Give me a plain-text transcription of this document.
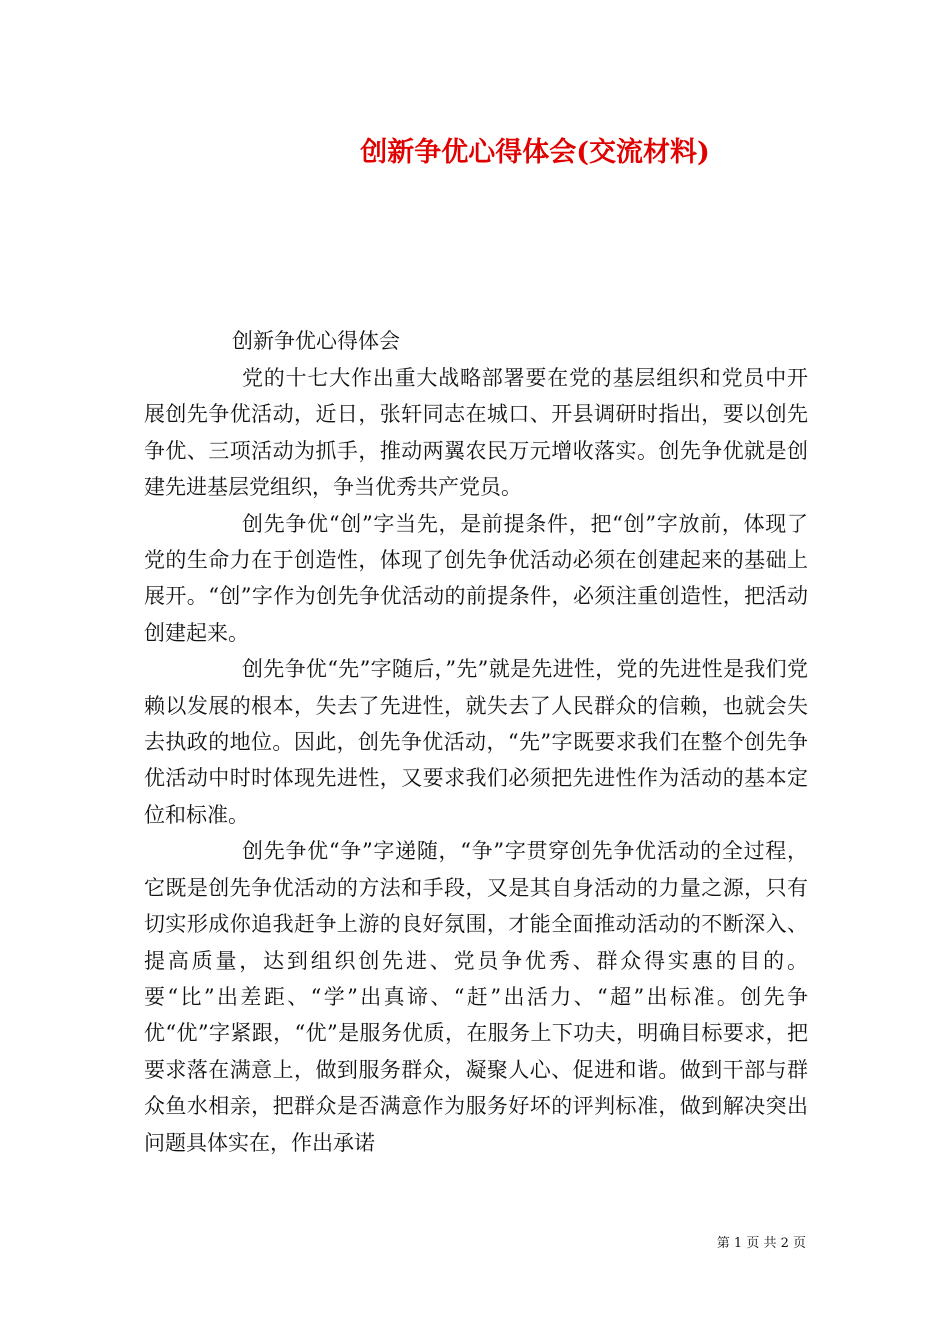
创新争优心得体会(交流材料)

创新争优心得体会

党的十七大作出重大战略部署要在党的基层组织和党员中开展创先争优活动，近日，张轩同志在城口、开县调研时指出，要以创先争优、三项活动为抓手，推动两翼农民万元增收落实。创先争优就是创建先进基层党组织，争当优秀共产党员。

创先争优“创”字当先，是前提条件，把“创”字放前，体现了党的生命力在于创造性，体现了创先争优活动必须在创建起来的基础上展开。“创”字作为创先争优活动的前提条件，必须注重创造性，把活动创建起来。

创先争优“先”字随后，”先”就是先进性，党的先进性是我们党赖以发展的根本，失去了先进性，就失去了人民群众的信赖，也就会失去执政的地位。因此，创先争优活动，“先”字既要求我们在整个创先争优活动中时时体现先进性，又要求我们必须把先进性作为活动的基本定位和标准。

创先争优“争”字递随，“争”字贯穿创先争优活动的全过程，它既是创先争优活动的方法和手段，又是其自身活动的力量之源，只有切实形成你追我赶争上游的良好氛围，才能全面推动活动的不断深入、提高质量，达到组织创先进、党员争优秀、群众得实惠的目的。要“比”出差距、“学”出真谛、“赶”出活力、“超”出标准。创先争优“优”字紧跟，“优”是服务优质，在服务上下功夫，明确目标要求，把要求落在满意上，做到服务群众，凝聚人心、促进和谐。做到干部与群众鱼水相亲，把群众是否满意作为服务好坏的评判标准，做到解决突出问题具体实在，作出承诺

第 1 页 共 2 页
